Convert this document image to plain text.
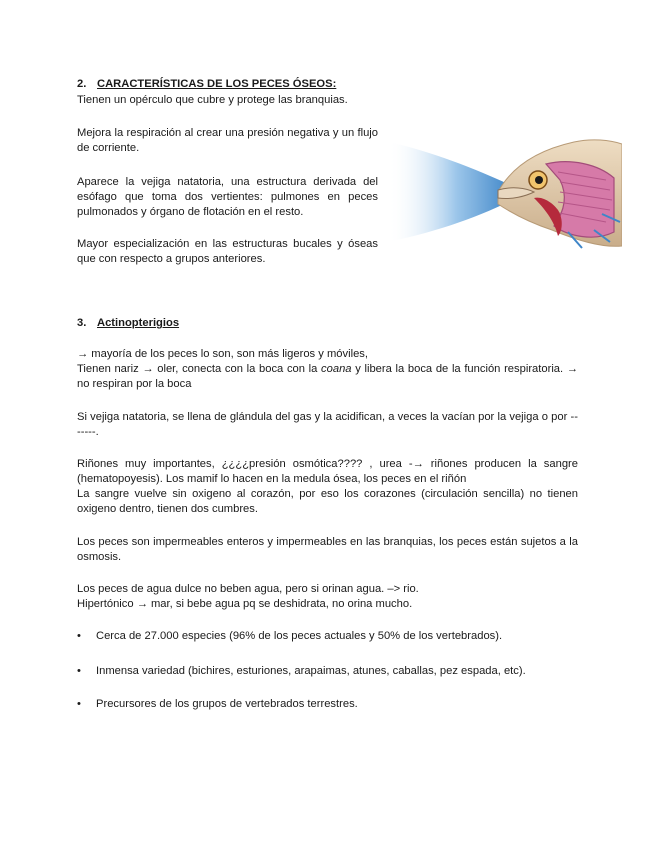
2. CARACTERÍSTICAS DE LOS PECES ÓSEOS:

Tienen un opérculo que cubre y protege las branquias.

Mejora la respiración al crear una presión negativa y un flujo de corriente.

Aparece la vejiga natatoria, una estructura derivada del esófago que toma dos vertientes: pulmones en peces pulmonados y órgano de flotación en el resto.

Mayor especialización en las estructuras bucales y óseas que con respecto a grupos anteriores.

3. Actinopterigios

→ mayoría de los peces lo son, son más ligeros y móviles,
Tienen nariz → oler, conecta con la boca con la coana y libera la boca de la función respiratoria. → no respiran por la boca

Si vejiga natatoria, se llena de glándula del gas y la acidifican, a veces la vacían por la vejiga o por -------.

Riñones muy importantes, ¿¿¿¿presión osmótica???? , urea -→ riñones producen la sangre (hematopoyesis). Los mamif lo hacen en la medula ósea, los peces en el riñón
La sangre vuelve sin oxigeno al corazón, por eso los corazones (circulación sencilla) no tienen oxigeno dentro, tienen dos cumbres.

Los peces son impermeables enteros y impermeables en las branquias, los peces están sujetos a la osmosis.

Los peces de agua dulce no beben agua, pero si orinan agua. –> rio.
Hipertónico → mar, si bebe agua pq se deshidrata, no orina mucho.
• Cerca de 27.000 especies (96% de los peces actuales y 50% de los vertebrados).
• Inmensa variedad (bichires, esturiones, arapaimas, atunes, caballas, pez espada, etc).
• Precursores de los grupos de vertebrados terrestres.
